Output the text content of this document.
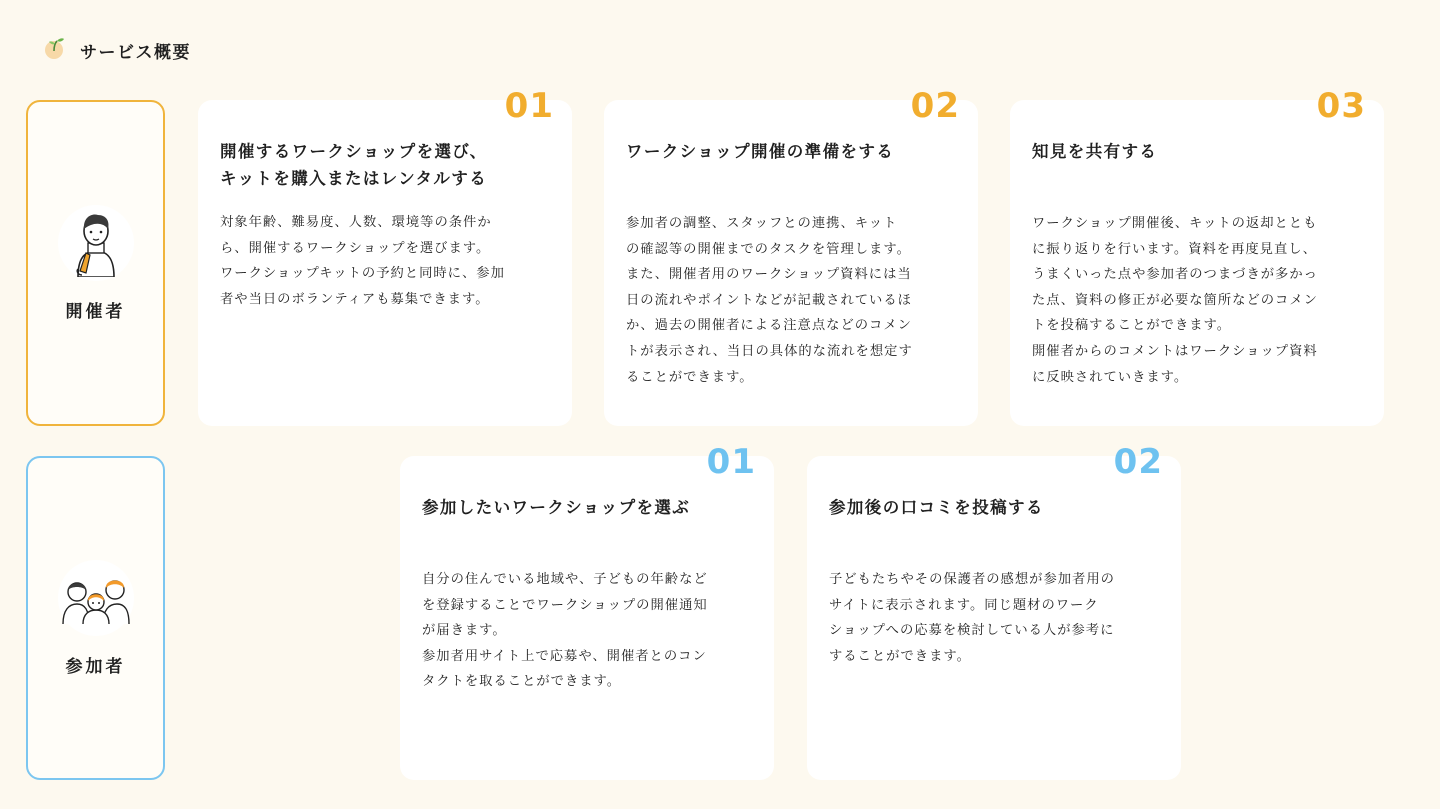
サービス概要
開催者
参加者
01
開催するワークショップを選び、
キットを購入またはレンタルする
対象年齢、難易度、人数、環境等の条件か
ら、開催するワークショップを選びます。
ワークショップキットの予約と同時に、参加
者や当日のボランティアも募集できます。
02
ワークショップ開催の準備をする
参加者の調整、スタッフとの連携、キット
の確認等の開催までのタスクを管理します。
また、開催者用のワークショップ資料には当
日の流れやポイントなどが記載されているほ
か、過去の開催者による注意点などのコメン
トが表示され、当日の具体的な流れを想定す
ることができます。
03
知見を共有する
ワークショップ開催後、キットの返却ととも
に振り返りを行います。資料を再度見直し、
うまくいった点や参加者のつまづきが多かっ
た点、資料の修正が必要な箇所などのコメン
トを投稿することができます。
開催者からのコメントはワークショップ資料
に反映されていきます。
01
参加したいワークショップを選ぶ
自分の住んでいる地域や、子どもの年齢など
を登録することでワークショップの開催通知
が届きます。
参加者用サイト上で応募や、開催者とのコン
タクトを取ることができます。
02
参加後の口コミを投稿する
子どもたちやその保護者の感想が参加者用の
サイトに表示されます。同じ題材のワーク
ショップへの応募を検討している人が参考に
することができます。
